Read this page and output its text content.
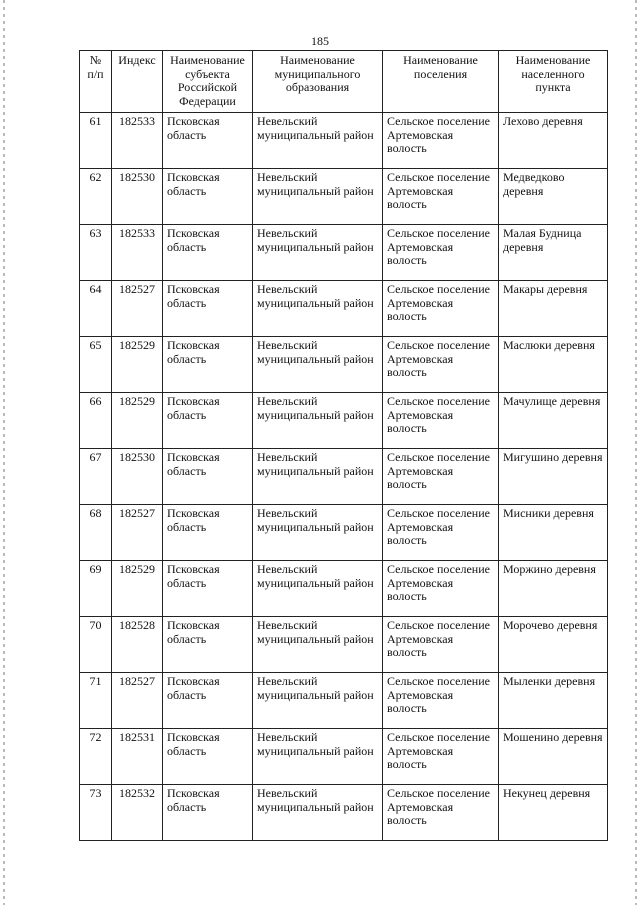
185
№ п/п	Индекс	Наименование субъекта Российской Федерации	Наименование муниципального образования	Наименование поселения	Наименование населенного пункта
61	182533	Псковская область	Невельский муниципальный район	Сельское поселение Артемовская волость	Лехово деревня
62	182530	Псковская область	Невельский муниципальный район	Сельское поселение Артемовская волость	Медведково деревня
63	182533	Псковская область	Невельский муниципальный район	Сельское поселение Артемовская волость	Малая Будница деревня
64	182527	Псковская область	Невельский муниципальный район	Сельское поселение Артемовская волость	Макары деревня
65	182529	Псковская область	Невельский муниципальный район	Сельское поселение Артемовская волость	Маслюки деревня
66	182529	Псковская область	Невельский муниципальный район	Сельское поселение Артемовская волость	Мачулище деревня
67	182530	Псковская область	Невельский муниципальный район	Сельское поселение Артемовская волость	Мигушино деревня
68	182527	Псковская область	Невельский муниципальный район	Сельское поселение Артемовская волость	Мисники деревня
69	182529	Псковская область	Невельский муниципальный район	Сельское поселение Артемовская волость	Моржино деревня
70	182528	Псковская область	Невельский муниципальный район	Сельское поселение Артемовская волость	Морочево деревня
71	182527	Псковская область	Невельский муниципальный район	Сельское поселение Артемовская волость	Мыленки деревня
72	182531	Псковская область	Невельский муниципальный район	Сельское поселение Артемовская волость	Мошенино деревня
73	182532	Псковская область	Невельский муниципальный район	Сельское поселение Артемовская волость	Некунец деревня
